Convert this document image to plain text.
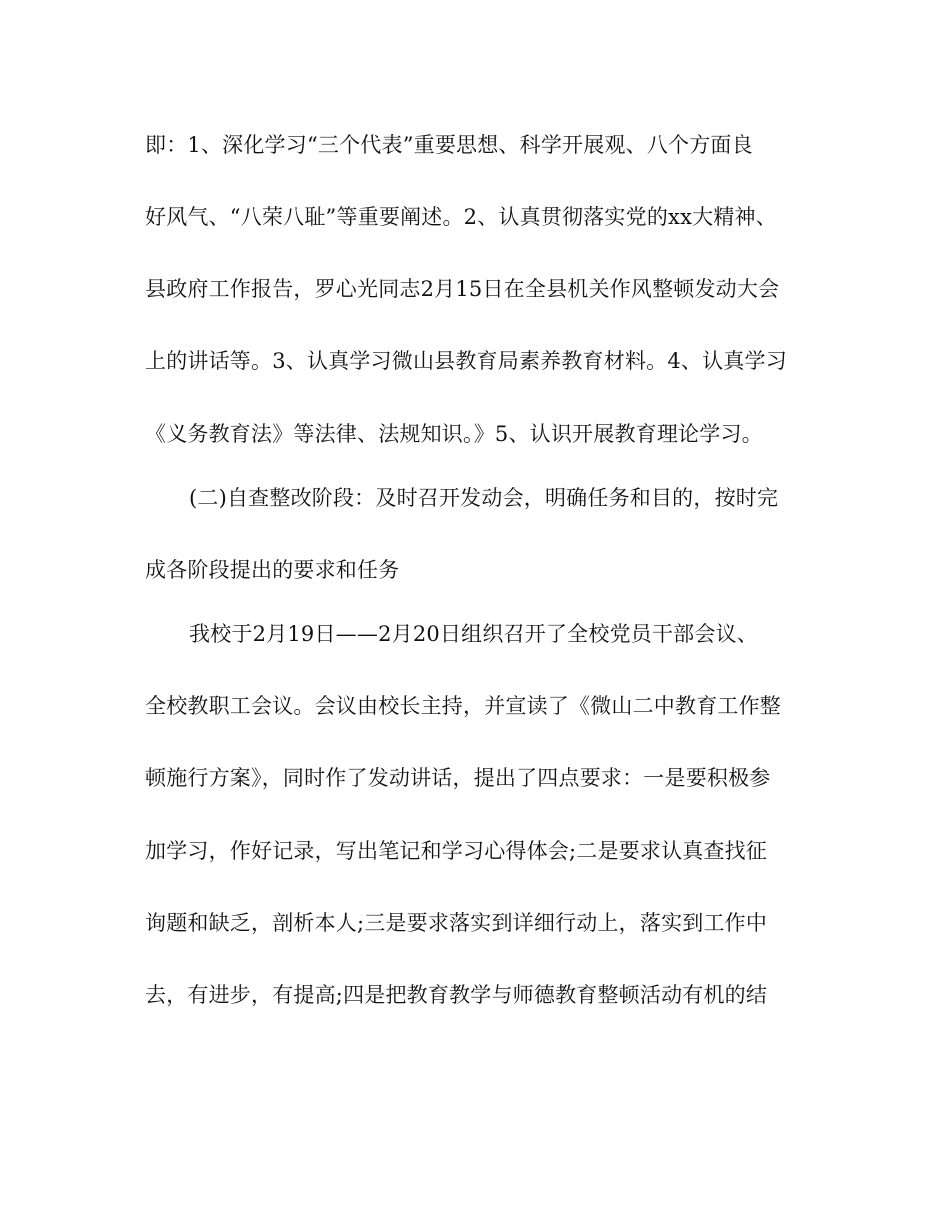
即：1、深化学习“三个代表”重要思想、科学开展观、八个方面良
好风气、“八荣八耻”等重要阐述。2、认真贯彻落实党的xx大精神、
县政府工作报告，罗心光同志2月15日在全县机关作风整顿发动大会
上的讲话等。3、认真学习微山县教育局素养教育材料。4、认真学习
《义务教育法》等法律、法规知识。》5、认识开展教育理论学习。
(二)自查整改阶段：及时召开发动会，明确任务和目的，按时完
成各阶段提出的要求和任务
我校于2月19日——2月20日组织召开了全校党员干部会议、
全校教职工会议。会议由校长主持，并宣读了《微山二中教育工作整
顿施行方案》，同时作了发动讲话，提出了四点要求：一是要积极参
加学习，作好记录，写出笔记和学习心得体会;二是要求认真查找征
询题和缺乏，剖析本人;三是要求落实到详细行动上，落实到工作中
去，有进步，有提高;四是把教育教学与师德教育整顿活动有机的结
